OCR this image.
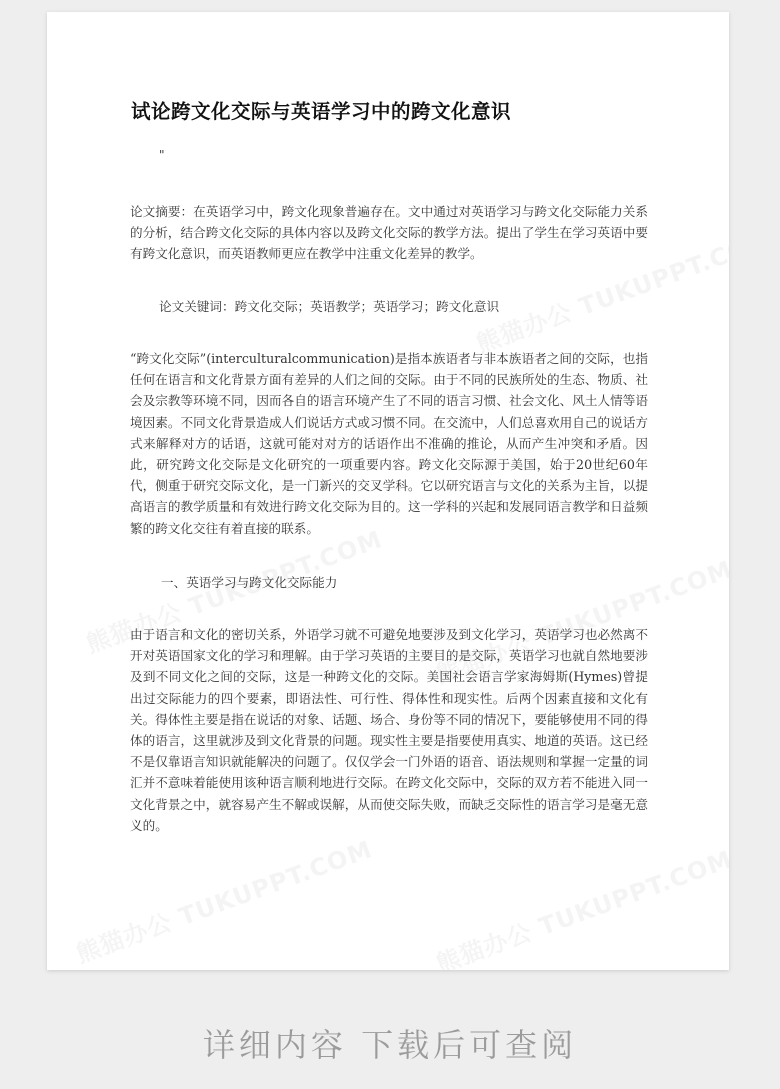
试论跨文化交际与英语学习中的跨文化意识
"
论文摘要：在英语学习中，跨文化现象普遍存在。文中通过对英语学习与跨文化交际能力关系的分析，结合跨文化交际的具体内容以及跨文化交际的教学方法。提出了学生在学习英语中要有跨文化意识，而英语教师更应在教学中注重文化差异的教学。
论文关键词：跨文化交际；英语教学；英语学习；跨文化意识
“跨文化交际”(interculturalcommunication)是指本族语者与非本族语者之间的交际，也指任何在语言和文化背景方面有差异的人们之间的交际。由于不同的民族所处的生态、物质、社会及宗教等环境不同，因而各自的语言环境产生了不同的语言习惯、社会文化、风土人情等语境因素。不同文化背景造成人们说话方式或习惯不同。在交流中，人们总喜欢用自己的说话方式来解释对方的话语，这就可能对对方的话语作出不准确的推论，从而产生冲突和矛盾。因此，研究跨文化交际是文化研究的一项重要内容。跨文化交际源于美国，始于20世纪60年代，侧重于研究交际文化，是一门新兴的交叉学科。它以研究语言与文化的关系为主旨，以提高语言的教学质量和有效进行跨文化交际为目的。这一学科的兴起和发展同语言教学和日益频繁的跨文化交往有着直接的联系。
一、英语学习与跨文化交际能力
由于语言和文化的密切关系，外语学习就不可避免地要涉及到文化学习，英语学习也必然离不开对英语国家文化的学习和理解。由于学习英语的主要目的是交际，英语学习也就自然地要涉及到不同文化之间的交际，这是一种跨文化的交际。美国社会语言学家海姆斯(Hymes)曾提出过交际能力的四个要素，即语法性、可行性、得体性和现实性。后两个因素直接和文化有关。得体性主要是指在说话的对象、话题、场合、身份等不同的情况下，要能够使用不同的得体的语言，这里就涉及到文化背景的问题。现实性主要是指要使用真实、地道的英语。这已经不是仅靠语言知识就能解决的问题了。仅仅学会一门外语的语音、语法规则和掌握一定量的词汇并不意味着能使用该种语言顺利地进行交际。在跨文化交际中，交际的双方若不能进入同一文化背景之中，就容易产生不解或误解，从而使交际失败，而缺乏交际性的语言学习是毫无意义的。
详细内容 下载后可查阅
